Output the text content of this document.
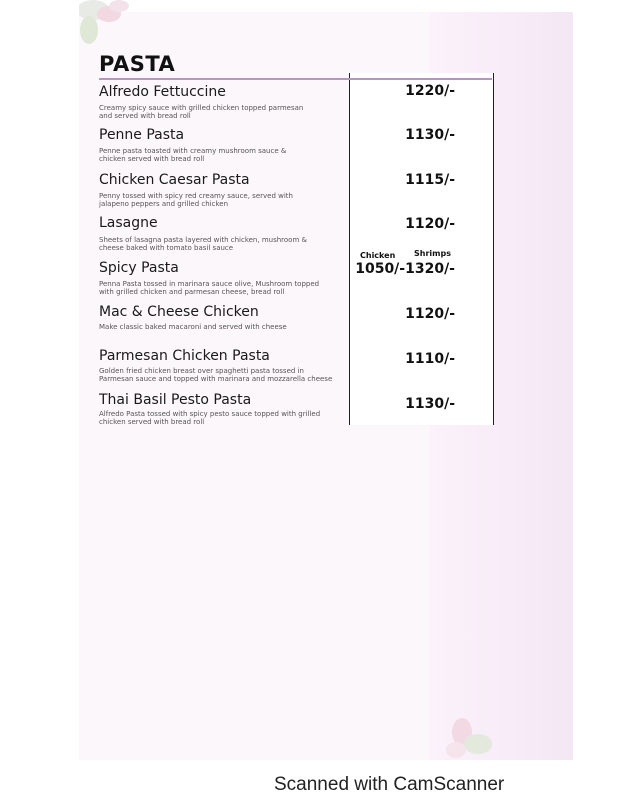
PASTA
Alfredo Fettuccine
Creamy spicy sauce with grilled chicken topped parmesan
and served with bread roll
1220/-
Penne Pasta
Penne pasta toasted with creamy mushroom sauce &
chicken served with bread roll
1130/-
Chicken Caesar Pasta
Penny tossed with spicy red creamy sauce, served with
jalapeno peppers and grilled chicken
1115/-
Lasagne
Sheets of lasagna pasta layered with chicken, mushroom &
cheese baked with tomato basil sauce
1120/-
Chicken Shrimps
Spicy Pasta
Penna Pasta tossed in marinara sauce olive, Mushroom topped
with grilled chicken and parmesan cheese, bread roll
1050/-1320/-
Mac & Cheese Chicken
Make classic baked macaroni and served with cheese
1120/-
Parmesan Chicken Pasta
Golden fried chicken breast over spaghetti pasta tossed in
Parmesan sauce and topped with marinara and mozzarella cheese
1110/-
Thai Basil Pesto Pasta
Alfredo Pasta tossed with spicy pesto sauce topped with grilled
chicken served with bread roll
1130/-
Scanned with CamScanner
